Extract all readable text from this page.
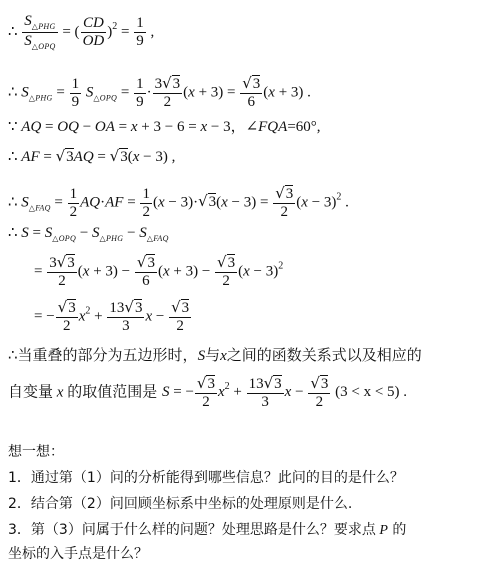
∴ $\frac{S_{\triangle PHG}}{S_{\triangle OPQ}}$ = ( $\frac{CD}{OD} )^2 = \frac{1}{9}$ ,
∴ $S_{\triangle PHG} = \frac{1}{9} S_{\triangle OPQ} = \frac{1}{9} \cdot \frac{3√3}{2} (x + 3) = \frac{√3}{6} (x + 3)$ .
∵ AQ = OQ − OA = x + 3 − 6 = x − 3，∠FQA=60°,
∴ AF = √3AQ = √3(x − 3) ,
∴ $S_{\triangle FAQ} = \frac{1}{2} AQ\cdot AF = \frac{1}{2} (x - 3)\cdot√3(x - 3) = \frac{√3}{2} (x - 3)^2$ .
∴ $S = S_{\triangle OPQ} - S_{\triangle PHG} - S_{\triangle FAQ}$
= $\frac{3√3}{2} (x + 3) - \frac{√3}{6} (x + 3) - \frac{√3}{2} (x - 3)^2$
= − $\frac{√3}{2} x^2 + \frac{13√3}{3}$ $x - \frac{√3}{2}$
∴当重叠的部分为五边形时，S与x之间的函数关系式以及相应的
自变量 x 的取值范围是 S = − $\frac{√3}{2} x^2 + \frac{13√3}{3}$ $x - \frac{√3}{2} (3 < x < 5)$ .
想一想：
1．通过第（1）问的分析能得到哪些信息？此问的目的是什么？
2．结合第（2）问回顾坐标系中坐标的处理原则是什么.
3．第（3）问属于什么样的问题？处理思路是什么？要求点 P 的
坐标的入手点是什么？
